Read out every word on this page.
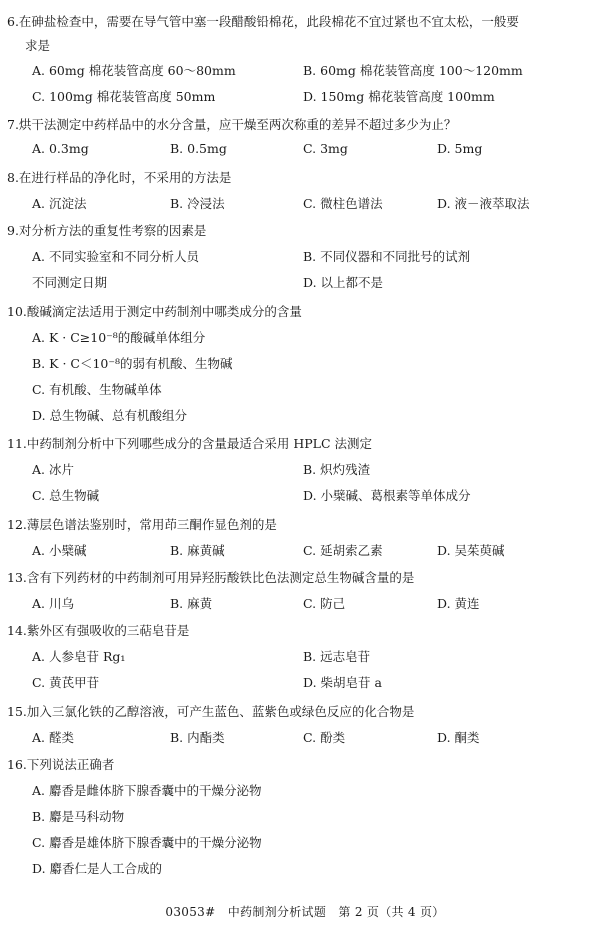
6.在砷盐检查中，需要在导气管中塞一段醋酸铅棉花，此段棉花不宜过紧也不宜太松，一般要
求是
A. 60mg 棉花装管高度 60～80mm	B. 60mg 棉花装管高度 100～120mm
C. 100mg 棉花装管高度 50mm	D. 150mg 棉花装管高度 100mm
7.烘干法测定中药样品中的水分含量，应干燥至两次称重的差异不超过多少为止？
A. 0.3mg	B. 0.5mg	C. 3mg	D. 5mg
8.在进行样品的净化时，不采用的方法是
A. 沉淀法	B. 冷浸法	C. 微柱色谱法	D. 液－液萃取法
9.对分析方法的重复性考察的因素是
A. 不同实验室和不同分析人员	B. 不同仪器和不同批号的试剂
不同测定日期	D. 以上都不是
10.酸碱滴定法适用于测定中药制剂中哪类成分的含量
A. K · C≥10⁻⁸的酸碱单体组分
B. K · C＜10⁻⁸的弱有机酸、生物碱
C. 有机酸、生物碱单体
D. 总生物碱、总有机酸组分
11.中药制剂分析中下列哪些成分的含量最适合采用 HPLC 法测定
A. 冰片	B. 炽灼残渣
C. 总生物碱	D. 小檗碱、葛根素等单体成分
12.薄层色谱法鉴别时，常用茚三酮作显色剂的是
A. 小檗碱	B. 麻黄碱	C. 延胡索乙素	D. 吴茱萸碱
13.含有下列药材的中药制剂可用异羟肟酸铁比色法测定总生物碱含量的是
A. 川乌	B. 麻黄	C. 防己	D. 黄连
14.紫外区有强吸收的三萜皂苷是
A. 人参皂苷 Rg₁	B. 远志皂苷
C. 黄芪甲苷	D. 柴胡皂苷 a
15.加入三氯化铁的乙醇溶液，可产生蓝色、蓝紫色或绿色反应的化合物是
A. 醛类	B. 内酯类	C. 酚类	D. 酮类
16.下列说法正确者
A. 麝香是雌体脐下腺香囊中的干燥分泌物
B. 麝是马科动物
C. 麝香是雄体脐下腺香囊中的干燥分泌物
D. 麝香仁是人工合成的
03053#　中药制剂分析试题　第 2 页（共 4 页）
